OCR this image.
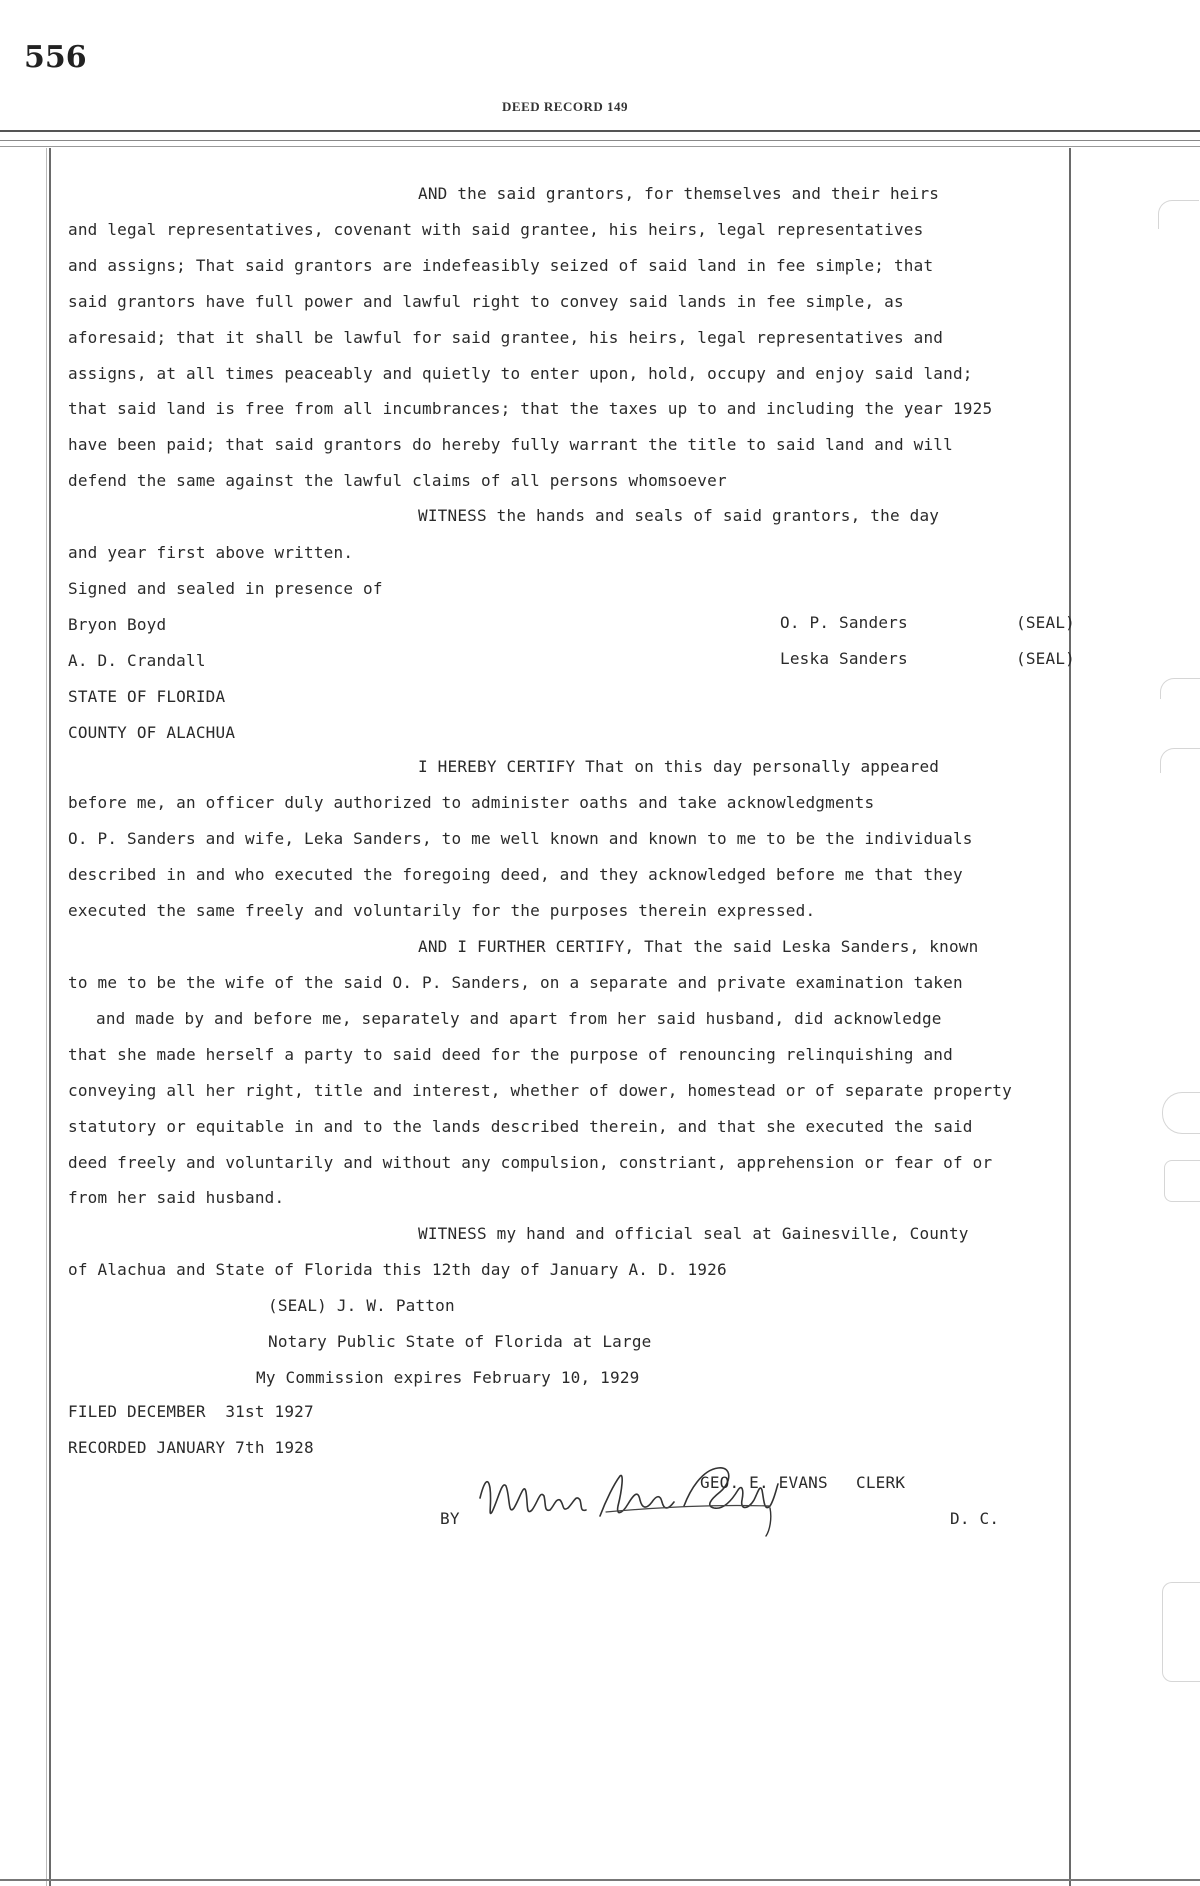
556
DEED RECORD 149
AND the said grantors, for themselves and their heirs
and legal representatives, covenant with said grantee, his heirs, legal representatives
and assigns; That said grantors are indefeasibly seized of said land in fee simple; that
said grantors have full power and lawful right to convey said lands in fee simple, as
aforesaid; that it shall be lawful for said grantee, his heirs, legal representatives and
assigns, at all times peaceably and quietly to enter upon, hold, occupy and enjoy said land;
that said land is free from all incumbrances; that the taxes up to and including the year 1925
have been paid; that said grantors do hereby fully warrant the title to said land and will
defend the same against the lawful claims of all persons whomsoever
WITNESS the hands and seals of said grantors, the day
and year first above written.
Signed and sealed in presence of
Bryon Boyd
A. D. Crandall
O. P. Sanders	(SEAL)
Leska Sanders	(SEAL)
STATE OF FLORIDA
COUNTY OF ALACHUA
I HEREBY CERTIFY That on this day personally appeared
before me, an officer duly authorized to administer oaths and take acknowledgments
O. P. Sanders and wife, Leka Sanders, to me well known and known to me to be the individuals
described in and who executed the foregoing deed, and they acknowledged before me that they
executed the same freely and voluntarily for the purposes therein expressed.
AND I FURTHER CERTIFY, That the said Leska Sanders, known
to me to be the wife of the said O. P. Sanders, on a separate and private examination taken
and made by and before me, separately and apart from her said husband, did acknowledge
that she made herself a party to said deed for the purpose of renouncing relinquishing and
conveying all her right, title and interest, whether of dower, homestead or of separate property
statutory or equitable in and to the lands described therein, and that she executed the said
deed freely and voluntarily and without any compulsion, constriant, apprehension or fear of or
from her said husband.
WITNESS my hand and official seal at Gainesville, County
of Alachua and State of Florida this 12th day of January A. D. 1926
(SEAL) J. W. Patton
Notary Public State of Florida at Large
My Commission expires February 10, 1929
FILED DECEMBER  31st 1927
RECORDED JANUARY 7th 1928
BY
GEO. E. EVANS CLERK
D. C.
